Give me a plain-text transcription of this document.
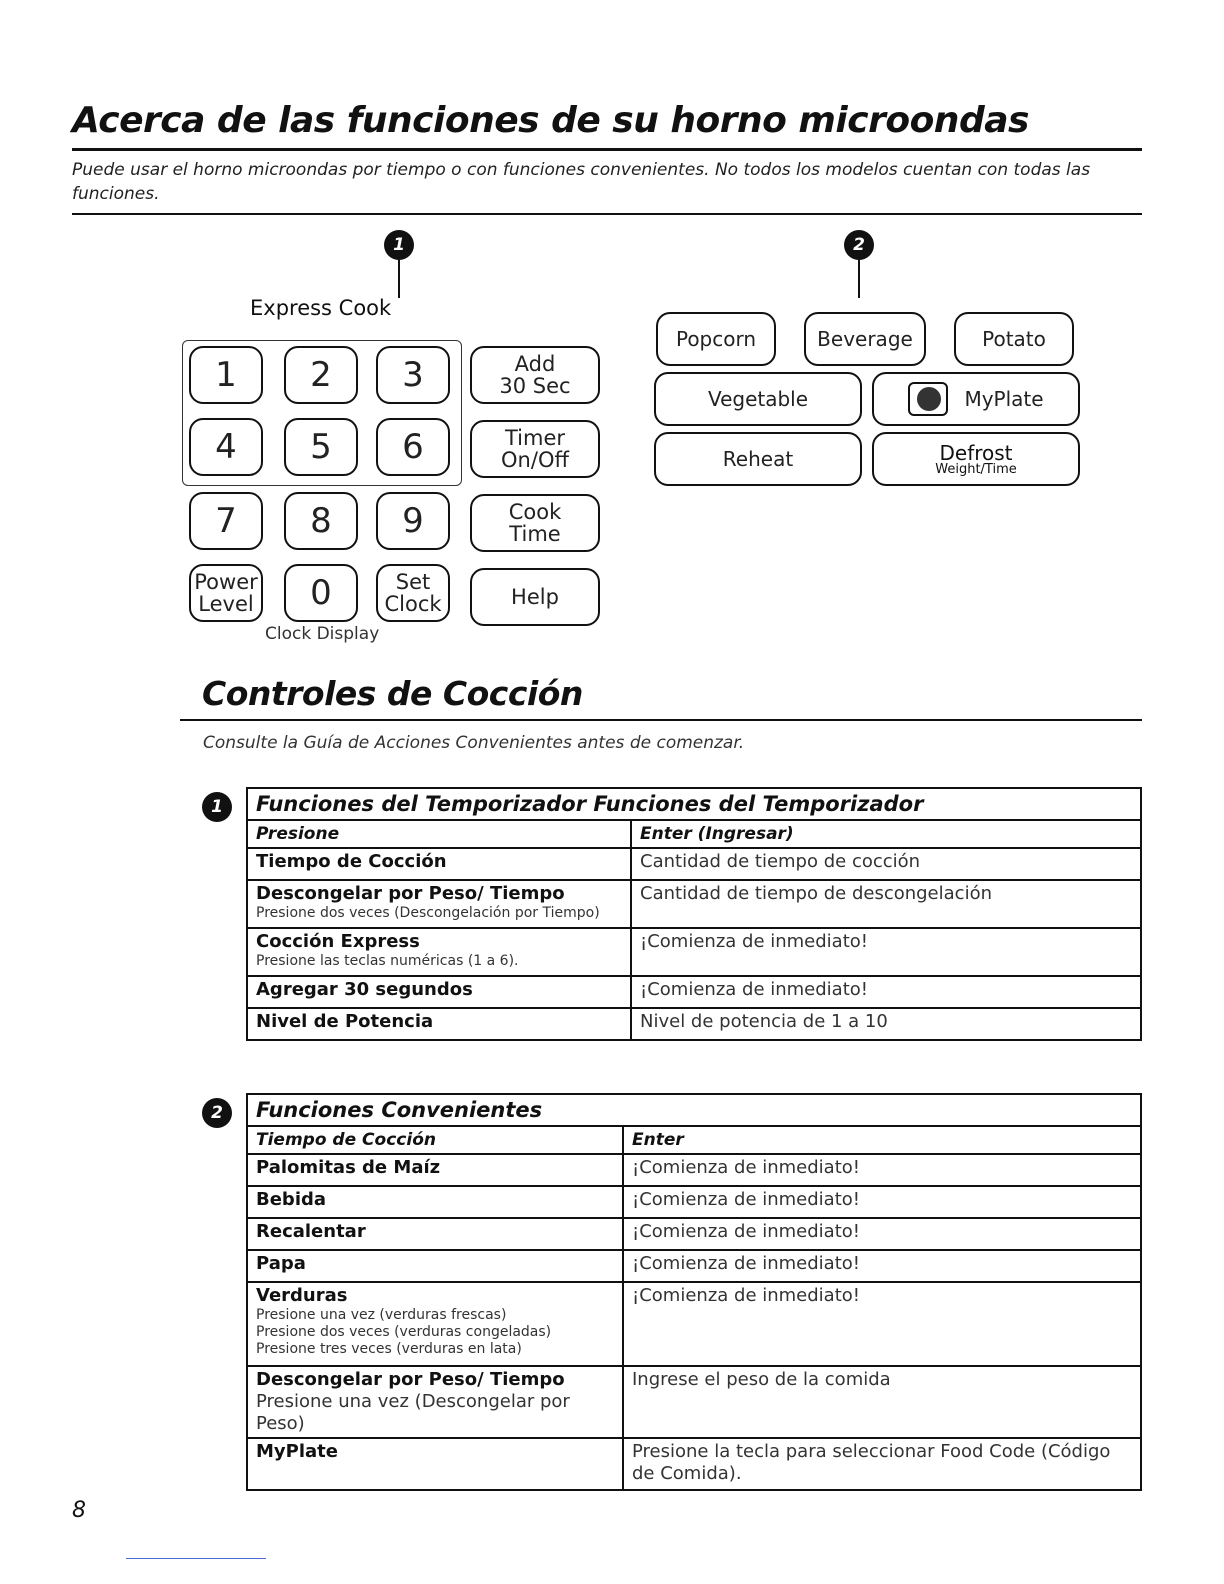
Acerca de las funciones de su horno microondas
Puede usar el horno microondas por tiempo o con funciones convenientes. No todos los modelos cuentan con todas las funciones.
1
Express Cook
1 2 3
4 5 6
7 8 9
Power
Level 0	Set
Clock
Add
30 Sec
Timer
On/Off
Cook
Time
Help
Clock Display
2
Popcorn	Beverage	Potato
Vegetable	MyPlate
Reheat	Defrost
Weight/Time
Controles de Cocción
Consulte la Guía de Acciones Convenientes antes de comenzar.
1	Funciones del Temporizador Funciones del Temporizador	
Presione	Enter (Ingresar)
Tiempo de Cocción	Cantidad de tiempo de cocción

Descongelar por Peso/ Tiempo
Presione dos veces (Descongelación por Tiempo)	Cantidad de tiempo de descongelación

Cocción Express
Presione las teclas numéricas (1 a 6).	¡Comienza de inmediato!
Agregar 30 segundos	¡Comienza de inmediato!
Nivel de Potencia	Nivel de potencia de 1 a 10
2	Funciones Convenientes	
Tiempo de Cocción	Enter
Palomitas de Maíz	¡Comienza de inmediato!
Bebida	¡Comienza de inmediato!
Recalentar	¡Comienza de inmediato!
Papa	¡Comienza de inmediato!

Verduras
Presione una vez (verduras frescas)
Presione dos veces (verduras congeladas)
Presione tres veces (verduras en lata)	¡Comienza de inmediato!

Descongelar por Peso/ Tiempo
Presione una vez (Descongelar por Peso)	Ingrese el peso de la comida
MyPlate	Presione la tecla para seleccionar Food Code (Código de Comida).
8
